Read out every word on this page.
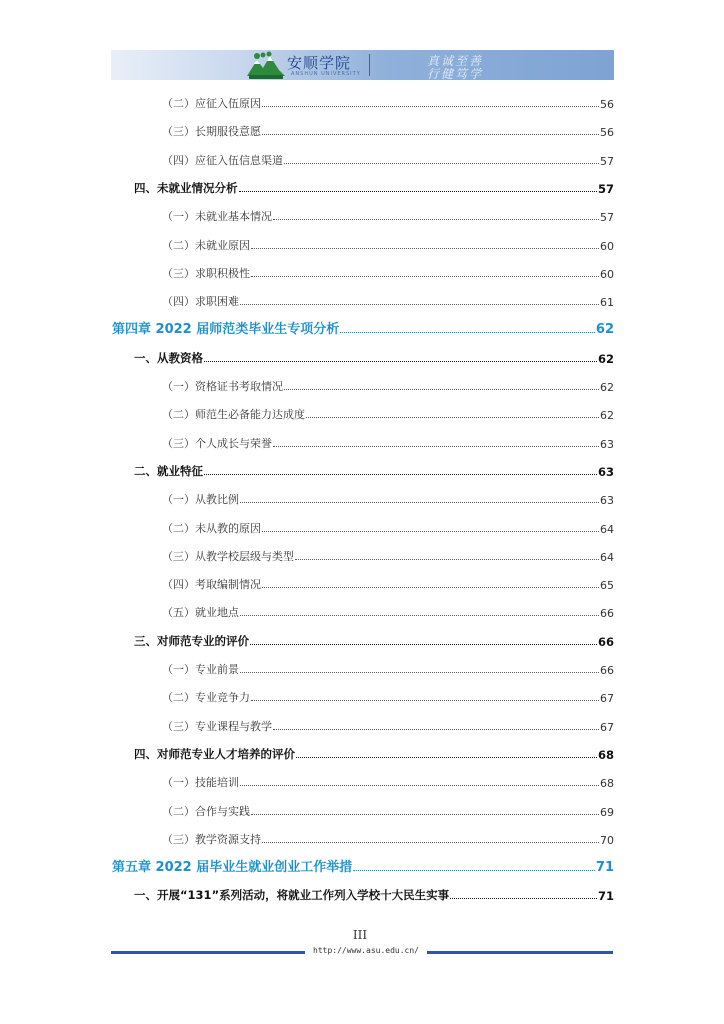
安顺学院
ANSHUN UNIVERSITY
真诚至善
行健笃学
（二）应征入伍原因	56
（三）长期服役意愿	56
（四）应征入伍信息渠道	57
四、未就业情况分析	57
（一）未就业基本情况	57
（二）未就业原因	60
（三）求职积极性	60
（四）求职困难	61
第四章 2022 届师范类毕业生专项分析	62
一、从教资格	62
（一）资格证书考取情况	62
（二）师范生必备能力达成度	62
（三）个人成长与荣誉	63
二、就业特征	63
（一）从教比例	63
（二）未从教的原因	64
（三）从教学校层级与类型	64
（四）考取编制情况	65
（五）就业地点	66
三、对师范专业的评价	66
（一）专业前景	66
（二）专业竞争力	67
（三）专业课程与教学	67
四、对师范专业人才培养的评价	68
（一）技能培训	68
（二）合作与实践	69
（三）教学资源支持	70
第五章 2022 届毕业生就业创业工作举措	71
一、开展“131”系列活动，将就业工作列入学校十大民生实事	71
III
http://www.asu.edu.cn/
